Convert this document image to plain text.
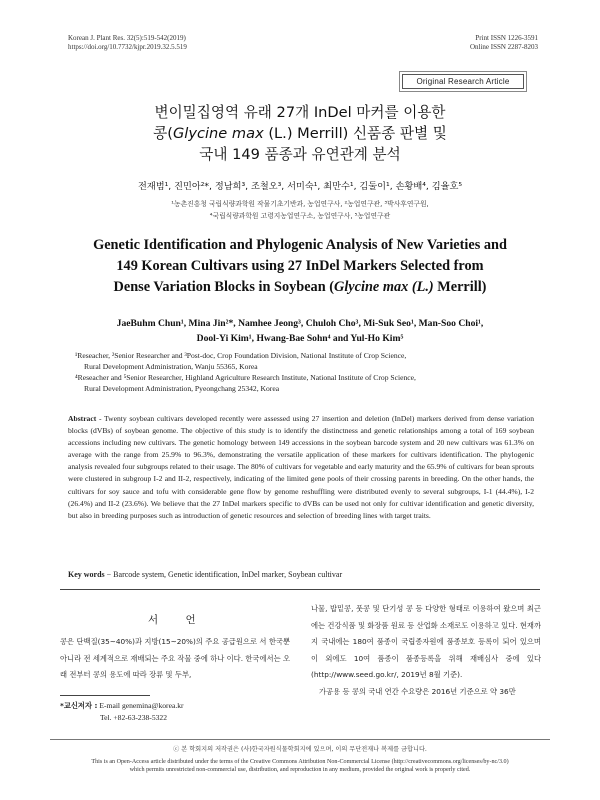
Korean J. Plant Res. 32(5):519-542(2019)
https://doi.org/10.7732/kjpr.2019.32.5.519
Print ISSN 1226-3591
Online ISSN 2287-8203
Original Research Article
변이밀집영역 유래 27개 InDel 마커를 이용한
콩(Glycine max (L.) Merrill) 신품종 판별 및
국내 149 품종과 유연관계 분석
전재범¹, 진민아²*, 정남희³, 조철오³, 서미숙¹, 최만수¹, 김둘이¹, 손황배⁴, 김율호⁵
¹농촌진흥청 국립식량과학원 작물기초기반과, 농업연구사, ²농업연구관, ³박사후연구원,
⁴국립식량과학원 고령지농업연구소, 농업연구사, ⁵농업연구관
Genetic Identification and Phylogenic Analysis of New Varieties and
149 Korean Cultivars using 27 InDel Markers Selected from
Dense Variation Blocks in Soybean (Glycine max (L.) Merrill)
JaeBuhm Chun¹, Mina Jin²*, Namhee Jeong³, Chuloh Cho³, Mi-Suk Seo¹, Man-Soo Choi¹,
Dool-Yi Kim¹, Hwang-Bae Sohn⁴ and Yul-Ho Kim⁵
¹Reseacher, ²Senior Researcher and ³Post-doc, Crop Foundation Division, National Institute of Crop Science,
Rural Development Administration, Wanju 55365, Korea
⁴Reseacher and ⁵Senior Researcher, Highland Agriculture Research Institute, National Institute of Crop Science,
Rural Development Administration, Pyeongchang 25342, Korea
Abstract - Twenty soybean cultivars developed recently were assessed using 27 insertion and deletion (InDel) markers derived from dense variation blocks (dVBs) of soybean genome. The objective of this study is to identify the distinctness and genetic relationships among a total of 169 soybean accessions including new cultivars. The genetic homology between 149 accessions in the soybean barcode system and 20 new cultivars was 61.3% on average with the range from 25.9% to 96.3%, demonstrating the versatile application of these markers for cultivars identification. The phylogenic analysis revealed four subgroups related to their usage. The 80% of cultivars for vegetable and early maturity and the 65.9% of cultivars for bean sprouts were clustered in subgroup I-2 and II-2, respectively, indicating of the limited gene pools of their crossing parents in breeding. On the other hands, the cultivars for soy sauce and tofu with considerable gene flow by genome reshuffling were distributed evenly to several subgroups, I-1 (44.4%), I-2 (26.4%) and II-2 (23.6%). We believe that the 27 InDel markers specific to dVBs can be used not only for cultivar identification and genetic diversity, but also in breeding purposes such as introduction of genetic resources and selection of breeding lines with target traits.
Key words − Barcode system, Genetic identification, InDel marker, Soybean cultivar
서 언
콩은 단백질(35~40%)과 지방(15~20%)의 주요 공급원으로 서 한국뿐 아니라 전 세계적으로 재배되는 주요 작물 중에 하나 이다. 한국에서는 오래 전부터 콩의 용도에 따라 장류 및 두부,
*교신저자 : E-mail genemina@korea.kr
Tel. +82-63-238-5322
나물, 밥밑콩, 풋콩 및 단기성 콩 등 다양한 형태로 이용하여 왔으며 최근에는 건강식품 및 화장품 원료 등 산업화 소재로도 이용하고 있다. 현재까지 국내에는 180여 품종이 국립종자원에 품종보호 등록이 되어 있으며 이 외에도 10여 품종이 품종등록을 위해 재배심사 중에 있다(http://www.seed.go.kr/, 2019년 8월 기준).
가공용 등 콩의 국내 연간 수요량은 2016년 기준으로 약 36만
ⓒ 본 학회지의 저작권은 (사)한국자원식물학회지에 있으며, 이의 무단전재나 복제를 금합니다.
This is an Open-Access article distributed under the terms of the Creative Commons Attribution Non-Commercial License (http://creativecommons.org/licenses/by-nc/3.0)
which permits unrestricted non-commercial use, distribution, and reproduction in any medium, provided the original work is properly cited.
